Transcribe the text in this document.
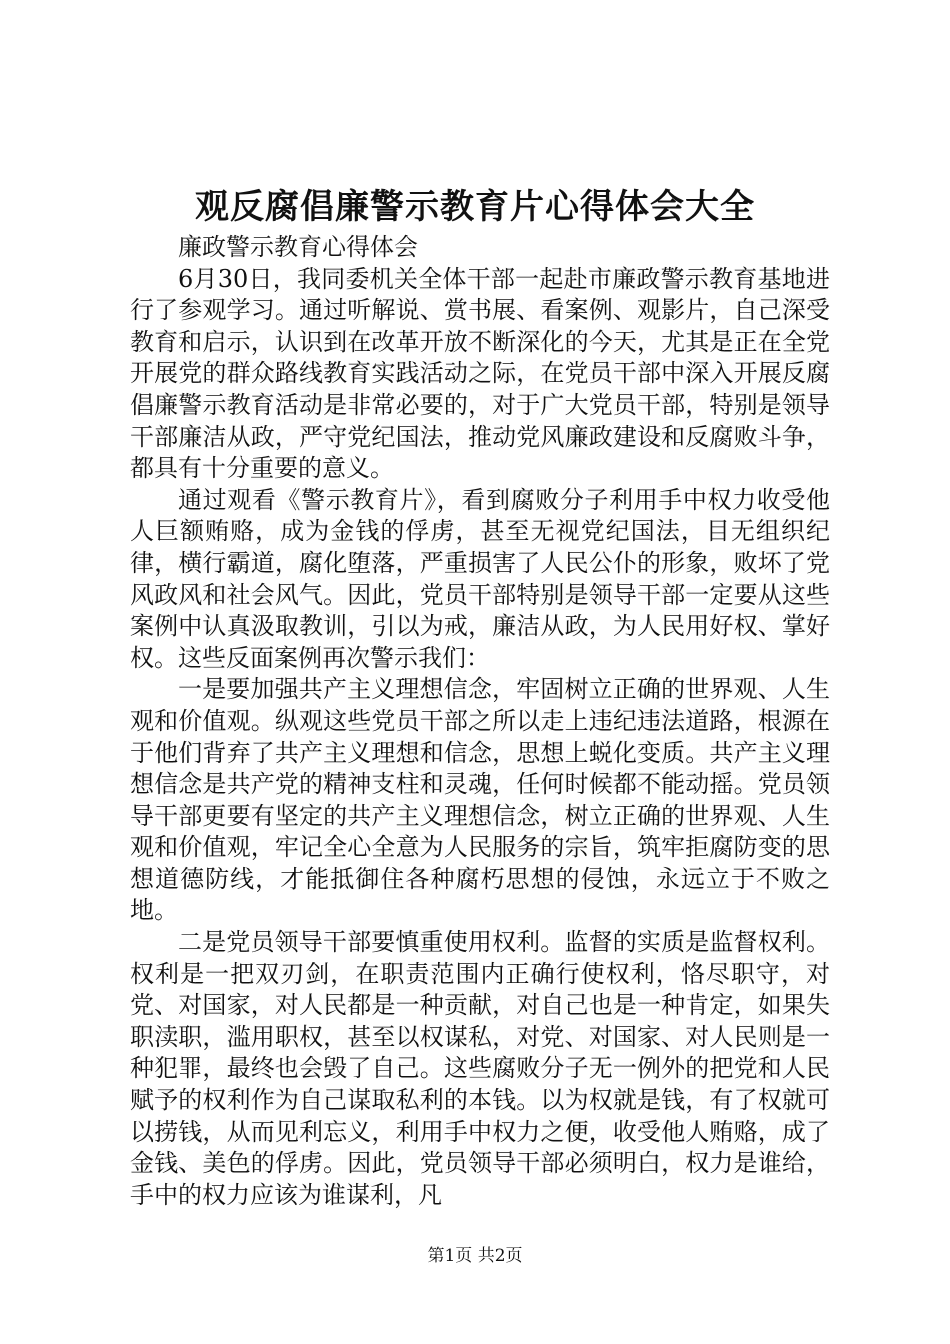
观反腐倡廉警示教育片心得体会大全

廉政警示教育心得体会

6月30日，我同委机关全体干部一起赴市廉政警示教育基地进行了参观学习。通过听解说、赏书展、看案例、观影片，自己深受教育和启示，认识到在改革开放不断深化的今天，尤其是正在全党开展党的群众路线教育实践活动之际，在党员干部中深入开展反腐倡廉警示教育活动是非常必要的，对于广大党员干部，特别是领导干部廉洁从政，严守党纪国法，推动党风廉政建设和反腐败斗争，都具有十分重要的意义。

通过观看《警示教育片》，看到腐败分子利用手中权力收受他人巨额贿赂，成为金钱的俘虏，甚至无视党纪国法，目无组织纪律，横行霸道，腐化堕落，严重损害了人民公仆的形象，败坏了党风政风和社会风气。因此，党员干部特别是领导干部一定要从这些案例中认真汲取教训，引以为戒，廉洁从政，为人民用好权、掌好权。这些反面案例再次警示我们：

一是要加强共产主义理想信念，牢固树立正确的世界观、人生观和价值观。纵观这些党员干部之所以走上违纪违法道路，根源在于他们背弃了共产主义理想和信念，思想上蜕化变质。共产主义理想信念是共产党的精神支柱和灵魂，任何时候都不能动摇。党员领导干部更要有坚定的共产主义理想信念，树立正确的世界观、人生观和价值观，牢记全心全意为人民服务的宗旨，筑牢拒腐防变的思想道德防线，才能抵御住各种腐朽思想的侵蚀，永远立于不败之地。

二是党员领导干部要慎重使用权利。监督的实质是监督权利。权利是一把双刃剑，在职责范围内正确行使权利，恪尽职守，对党、对国家，对人民都是一种贡献，对自己也是一种肯定，如果失职渎职，滥用职权，甚至以权谋私，对党、对国家、对人民则是一种犯罪，最终也会毁了自己。这些腐败分子无一例外的把党和人民赋予的权利作为自己谋取私利的本钱。以为权就是钱，有了权就可以捞钱，从而见利忘义，利用手中权力之便，收受他人贿赂，成了金钱、美色的俘虏。因此，党员领导干部必须明白，权力是谁给，手中的权力应该为谁谋利，凡

第1页 共2页
